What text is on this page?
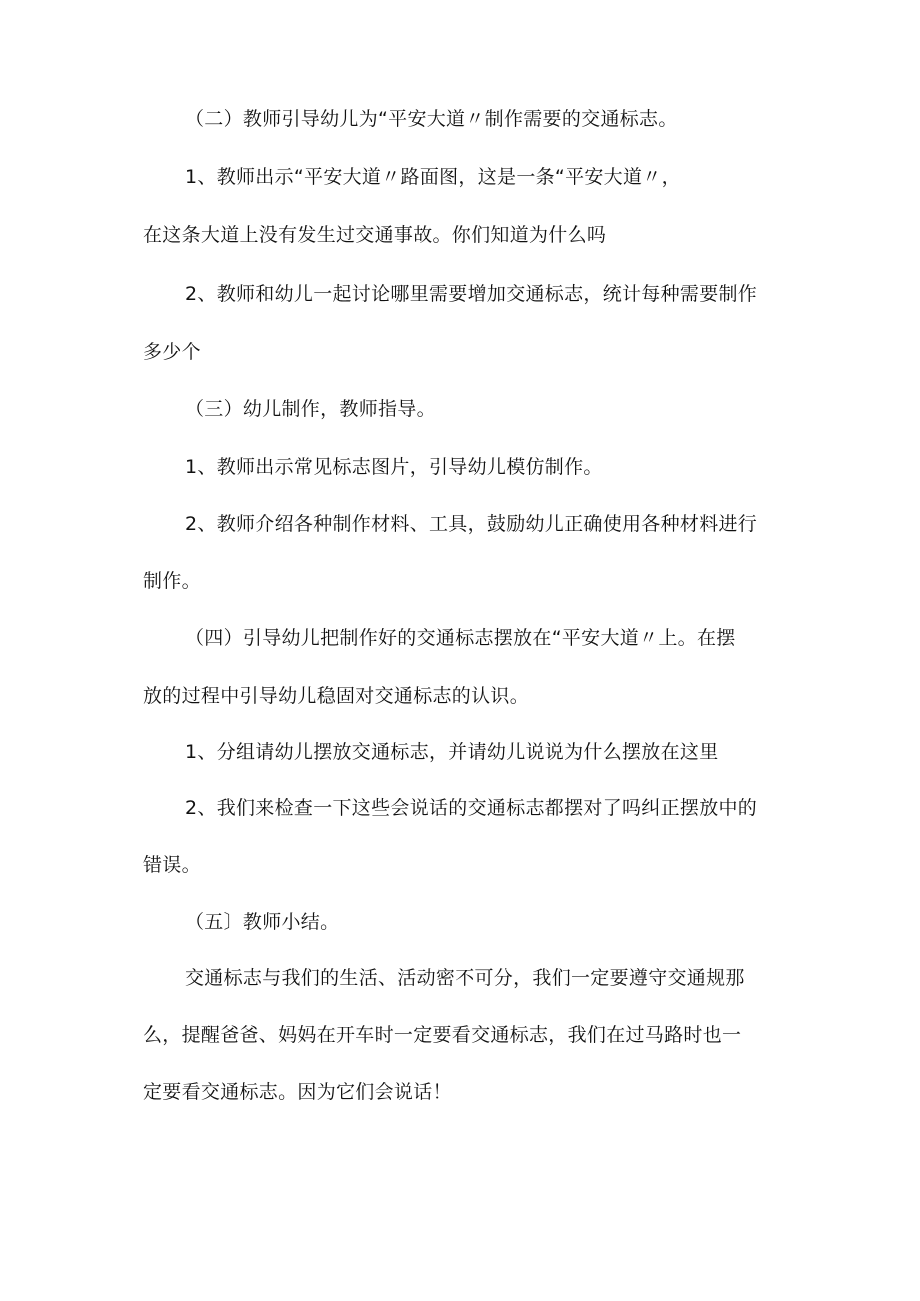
（二）教师引导幼儿为“平安大道〃制作需要的交通标志。
1、教师出示“平安大道〃路面图，这是一条“平安大道〃，
在这条大道上没有发生过交通事故。你们知道为什么吗
2、教师和幼儿一起讨论哪里需要增加交通标志，统计每种需要制作
多少个
（三）幼儿制作，教师指导。
1、教师出示常见标志图片，引导幼儿模仿制作。
2、教师介绍各种制作材料、工具，鼓励幼儿正确使用各种材料进行
制作。
（四）引导幼儿把制作好的交通标志摆放在“平安大道〃上。在摆
放的过程中引导幼儿稳固对交通标志的认识。
1、分组请幼儿摆放交通标志，并请幼儿说说为什么摆放在这里
2、我们来检查一下这些会说话的交通标志都摆对了吗纠正摆放中的
错误。
（五〕教师小结。
交通标志与我们的生活、活动密不可分，我们一定要遵守交通规那
么，提醒爸爸、妈妈在开车时一定要看交通标志，我们在过马路时也一
定要看交通标志。因为它们会说话！
